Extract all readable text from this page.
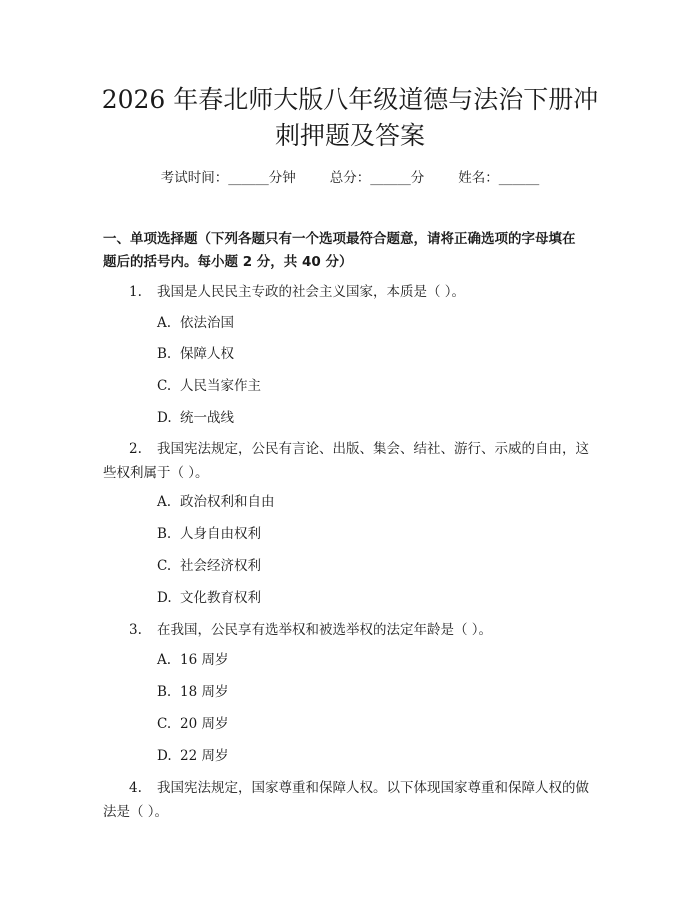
2026 年春北师大版八年级道德与法治下册冲
刺押题及答案
考试时间：______分钟	总分：______分	姓名：______

一、单项选择题（下列各题只有一个选项最符合题意，请将正确选项的字母填在

题后的括号内。每小题 2 分，共 40 分）

1. 我国是人民民主专政的社会主义国家，本质是（ ）。

A. 依法治国

B. 保障人权

C. 人民当家作主

D. 统一战线

2. 我国宪法规定，公民有言论、出版、集会、结社、游行、示威的自由，这

些权利属于（ ）。

A. 政治权利和自由

B. 人身自由权利

C. 社会经济权利

D. 文化教育权利

3. 在我国，公民享有选举权和被选举权的法定年龄是（ ）。

A. 16 周岁

B. 18 周岁

C. 20 周岁

D. 22 周岁

4. 我国宪法规定，国家尊重和保障人权。以下体现国家尊重和保障人权的做

法是（ ）。
